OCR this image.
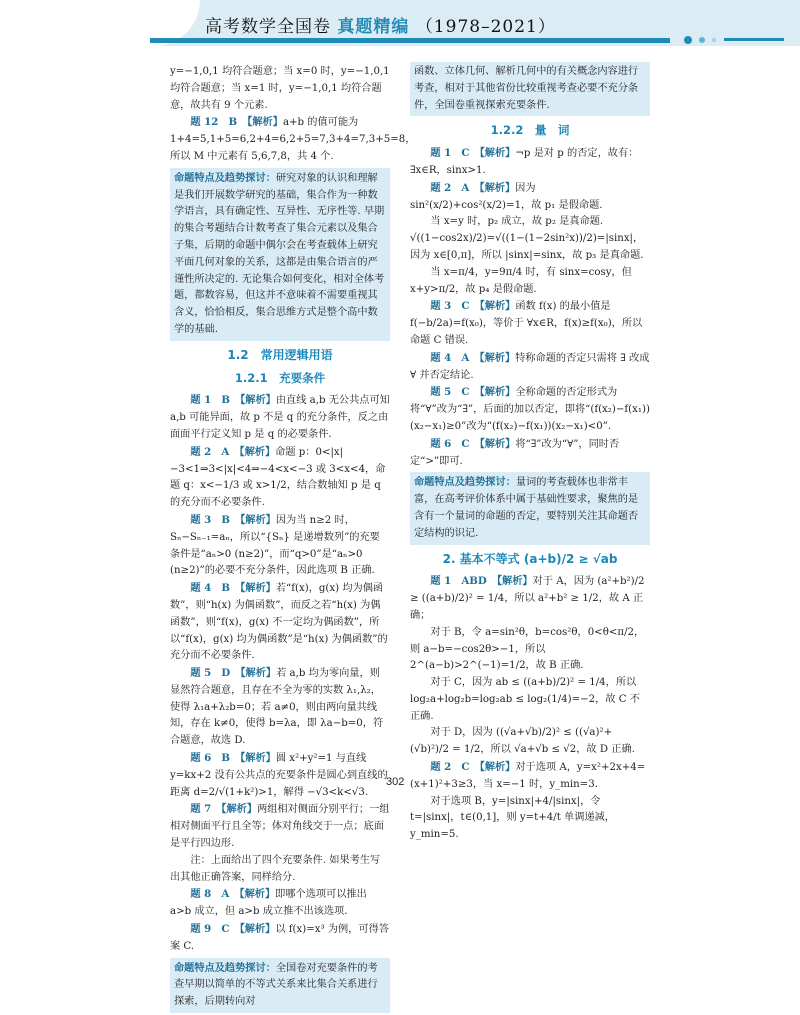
高考数学全国卷 真题精编 （1978–2021）

y=−1,0,1 均符合题意；当 x=0 时，y=−1,0,1 均符合题意；当 x=1 时，y=−1,0,1 均符合题意，故共有 9 个元素.

题 12　B　【解析】a+b 的值可能为 1+4=5,1+5=6,2+4=6,2+5=7,3+4=7,3+5=8，所以 M 中元素有 5,6,7,8，共 4 个.

命题特点及趋势探讨：研究对象的认识和理解是我们开展数学研究的基础，集合作为一种数学语言，具有确定性、互异性、无序性等. 早期的集合考题结合计数考查了集合元素以及集合子集，后期的命题中偶尔会在考查载体上研究平面几何对象的关系，这都是由集合语言的严谨性所决定的. 无论集合如何变化，相对全体考题，都数容易，但这并不意味着不需要重视其含义，恰恰相反，集合思维方式是整个高中数学的基础.
1.2　常用逻辑用语
1.2.1　充要条件

题 1　B　【解析】由直线 a,b 无公共点可知 a,b 可能异面，故 p 不是 q 的充分条件，反之由面面平行定义知 p 是 q 的必要条件.

题 2　A　【解析】命题 p：0<|x|−3<1⇒3<|x|<4⇒−4<x<−3 或 3<x<4，命题 q：x<−1/3 或 x>1/2，结合数轴知 p 是 q 的充分而不必要条件.

题 3　B　【解析】因为当 n≥2 时，Sₙ−Sₙ₋₁=aₙ，所以“{Sₙ} 是递增数列”的充要条件是“aₙ>0 (n≥2)”，而“q>0”是“aₙ>0 (n≥2)”的必要不充分条件，因此选项 B 正确.

题 4　B　【解析】若“f(x)，g(x) 均为偶函数”，则“h(x) 为偶函数”，而反之若“h(x) 为偶函数”，则“f(x)，g(x) 不一定均为偶函数”，所以“f(x)，g(x) 均为偶函数”是“h(x) 为偶函数”的充分而不必要条件.

题 5　D　【解析】若 a,b 均为零向量，则显然符合题意，且存在不全为零的实数 λ₁,λ₂，使得 λ₁a+λ₂b=0；若 a≠0，则由两向量共线知，存在 k≠0，使得 b=λa，即 λa−b=0，符合题意，故选 D.

题 6　B　【解析】圆 x²+y²=1 与直线 y=kx+2 没有公共点的充要条件是圆心到直线的距离 d=2/√(1+k²)>1，解得 −√3<k<√3.

题 7　【解析】两组相对侧面分别平行；一组相对侧面平行且全等；体对角线交于一点；底面是平行四边形.

注：上面给出了四个充要条件. 如果考生写出其他正确答案，同样给分.

题 8　A　【解析】即哪个选项可以推出 a>b 成立，但 a>b 成立推不出该选项.

题 9　C　【解析】以 f(x)=x³ 为例，可得答案 C.

命题特点及趋势探讨：全国卷对充要条件的考查早期以简单的不等式关系来比集合关系进行探索，后期转向对
函数、立体几何、解析几何中的有关概念内容进行考查，相对于其他省份比较重视考查必要不充分条件，全国卷重视探索充要条件.
1.2.2　量　词

题 1　C　【解析】¬p 是对 p 的否定，故有：∃x∈R，sinx>1.

题 2　A　【解析】因为 sin²(x/2)+cos²(x/2)=1，故 p₁ 是假命题.

当 x=y 时，p₂ 成立，故 p₂ 是真命题.

√((1−cos2x)/2)=√((1−(1−2sin²x))/2)=|sinx|，因为 x∈[0,π]，所以 |sinx|=sinx，故 p₃ 是真命题.

当 x=π/4，y=9π/4 时，有 sinx=cosy，但 x+y>π/2，故 p₄ 是假命题.

题 3　C　【解析】函数 f(x) 的最小值是 f(−b/2a)=f(x₀)，等价于 ∀x∈R，f(x)≥f(x₀)，所以命题 C 错误.

题 4　A　【解析】特称命题的否定只需将 ∃ 改成 ∀ 并否定结论.

题 5　C　【解析】全称命题的否定形式为将“∀”改为“∃”，后面的加以否定，即将“(f(x₂)−f(x₁))(x₂−x₁)≥0”改为“(f(x₂)−f(x₁))(x₂−x₁)<0”.

题 6　C　【解析】将“∃”改为“∀”，同时否定“>”即可.

命题特点及趋势探讨：量词的考查载体也非常丰富，在高考评价体系中属于基础性要求，聚焦的是含有一个量词的命题的否定，要特别关注其命题否定结构的识记.
2. 基本不等式 (a+b)/2 ≥ √ab

题 1　ABD　【解析】对于 A，因为 (a²+b²)/2 ≥ ((a+b)/2)² = 1/4，所以 a²+b² ≥ 1/2，故 A 正确；

对于 B，令 a=sin²θ，b=cos²θ，0<θ<π/2，则 a−b=−cos2θ>−1，所以 2^(a−b)>2^(−1)=1/2，故 B 正确.

对于 C，因为 ab ≤ ((a+b)/2)² = 1/4，所以 log₂a+log₂b=log₂ab ≤ log₂(1/4)=−2，故 C 不正确.

对于 D，因为 ((√a+√b)/2)² ≤ ((√a)²+(√b)²)/2 = 1/2，所以 √a+√b ≤ √2，故 D 正确.

题 2　C　【解析】对于选项 A，y=x²+2x+4=(x+1)²+3≥3，当 x=−1 时，y_min=3.

对于选项 B，y=|sinx|+4/|sinx|，令 t=|sinx|，t∈(0,1]，则 y=t+4/t 单调递减，y_min=5.

302
